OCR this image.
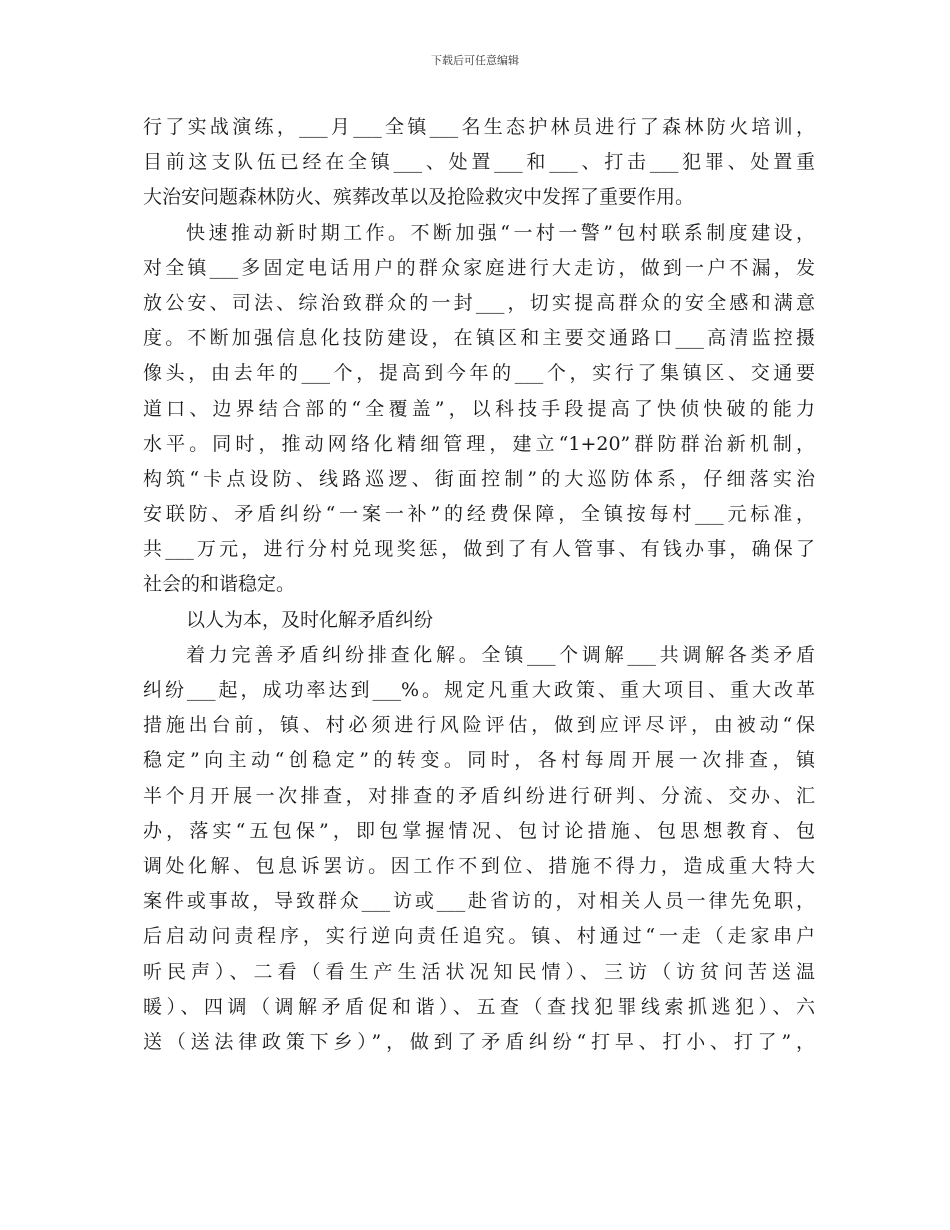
下载后可任意编辑
行了实战演练，___月___全镇___名生态护林员进行了森林防火培训，
目前这支队伍已经在全镇___、处置___和___、打击___犯罪、处置重
大治安问题森林防火、殡葬改革以及抢险救灾中发挥了重要作用。
快速推动新时期工作。不断加强“一村一警”包村联系制度建设，
对全镇___多固定电话用户的群众家庭进行大走访，做到一户不漏，发
放公安、司法、综治致群众的一封___，切实提高群众的安全感和满意
度。不断加强信息化技防建设，在镇区和主要交通路口___高清监控摄
像头，由去年的___个，提高到今年的___个，实行了集镇区、交通要
道口、边界结合部的“全覆盖”，以科技手段提高了快侦快破的能力
水平。同时，推动网络化精细管理，建立“1+20”群防群治新机制，
构筑“卡点设防、线路巡逻、街面控制”的大巡防体系，仔细落实治
安联防、矛盾纠纷“一案一补”的经费保障，全镇按每村___元标准，
共___万元，进行分村兑现奖惩，做到了有人管事、有钱办事，确保了
社会的和谐稳定。
以人为本，及时化解矛盾纠纷
着力完善矛盾纠纷排查化解。全镇___个调解___共调解各类矛盾
纠纷___起，成功率达到___%。规定凡重大政策、重大项目、重大改革
措施出台前，镇、村必须进行风险评估，做到应评尽评，由被动“保
稳定”向主动“创稳定”的转变。同时，各村每周开展一次排查，镇
半个月开展一次排查，对排查的矛盾纠纷进行研判、分流、交办、汇
办，落实“五包保”，即包掌握情况、包讨论措施、包思想教育、包
调处化解、包息诉罢访。因工作不到位、措施不得力，造成重大特大
案件或事故，导致群众___访或___赴省访的，对相关人员一律先免职，
后启动问责程序，实行逆向责任追究。镇、村通过“一走（走家串户
听民声）、二看（看生产生活状况知民情）、三访（访贫问苦送温
暖）、四调（调解矛盾促和谐）、五查（查找犯罪线索抓逃犯）、六
送（送法律政策下乡）”，做到了矛盾纠纷“打早、打小、打了”，
